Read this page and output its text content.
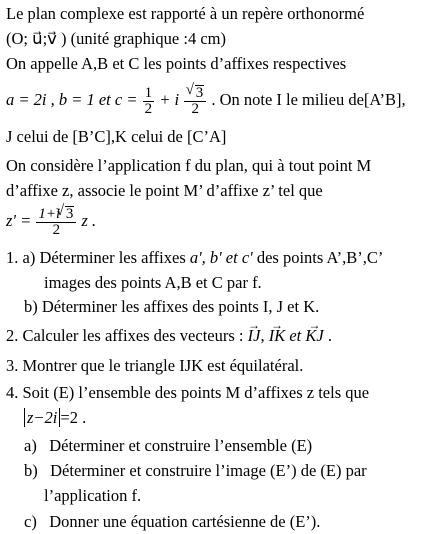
Le plan complexe est rapporté à un repère orthonormé
(O; u⃗;v⃗ ) (unité graphique :4 cm)
On appelle A,B et C les points d’affixes respectives
a = 2i , b = 1 et $c = \frac{1}{2} + i$ √ $\frac{3}{2}$ . On note I le milieu de[A’B],
J celui de [B’C],K celui de [C’A]
On considère l’application f du plan, qui à tout point M
d’affixe z, associe le point M’ d’affixe z’ tel que
$z' = \frac{1+i √ 3}{2}$ z .
1. a) Déterminer les affixes a', b' et c' des points A’,B’,C’
images des points A,B et C par f.
b) Déterminer les affixes des points I, J et K.
2. Calculer les affixes des vecteurs : → IJ, → IK et → KJ .
3. Montrer que le triangle IJK est équilatéral.
4. Soit (E) l’ensemble des points M d’affixes z tels que
z−2i =2 .
a) Déterminer et construire l’ensemble (E)
b) Déterminer et construire l’image (E’) de (E) par
l’application f.
c) Donner une équation cartésienne de (E’).
